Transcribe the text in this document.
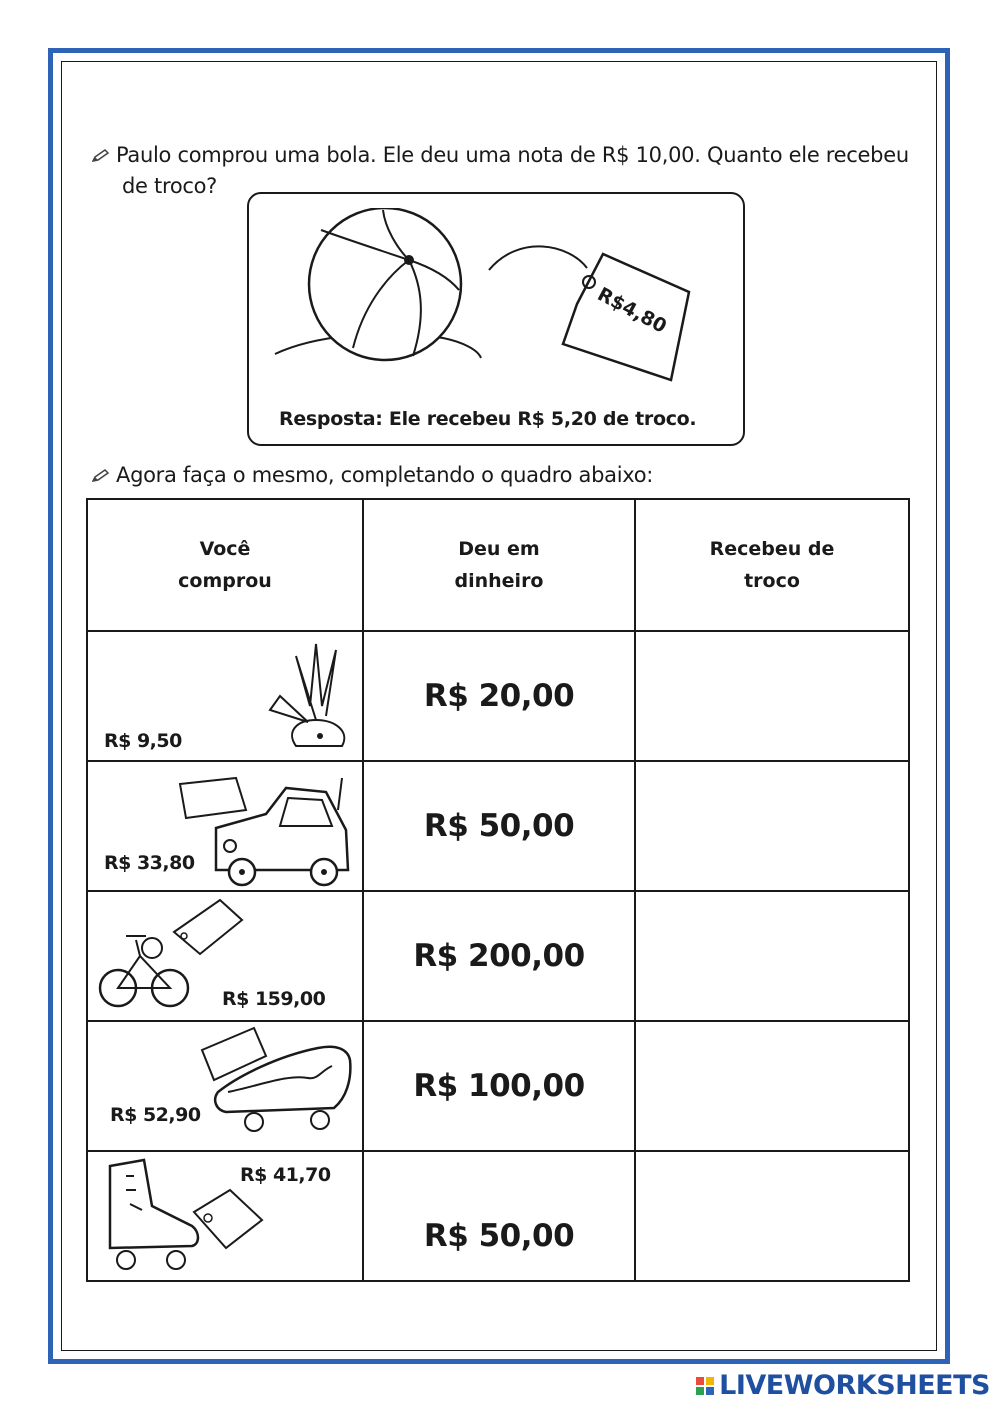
Paulo comprou uma bola. Ele deu uma nota de R$ 10,00. Quanto ele recebeu
de troco?
R$4,80
Resposta: Ele recebeu R$ 5,20 de troco.
Agora faça o mesmo, completando o quadro abaixo:
Você comprou	Deu em dinheiro	Recebeu de troco

R$ 9,50	R$ 20,00	

R$ 33,80	R$ 50,00	

R$ 159,00	R$ 200,00	

R$ 52,90	R$ 100,00	

R$ 41,70	R$ 50,00	
LIVEWORKSHEETS
